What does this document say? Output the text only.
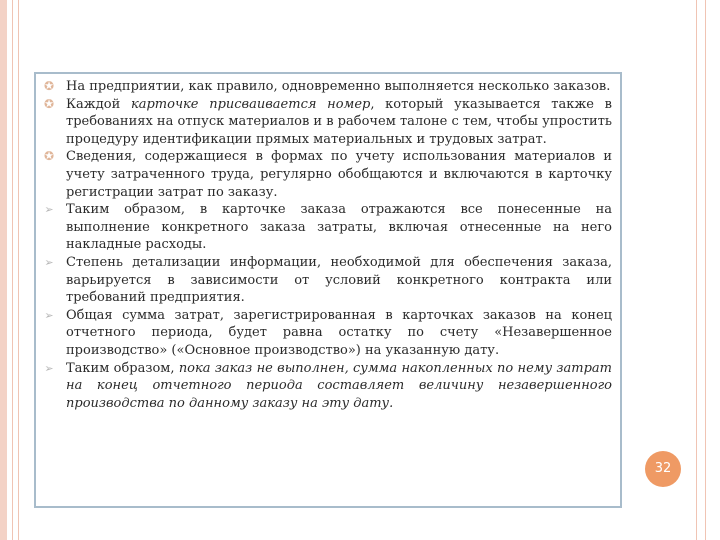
✪ На предприятии, как правило, одновременно выполняется несколько заказов.
✪ Каждой карточке присваивается номер, который указывается также в требованиях на отпуск материалов и в рабочем талоне с тем, чтобы упростить процедуру идентификации прямых материальных и трудовых затрат.
✪ Сведения, содержащиеся в формах по учету использования материалов и учету затраченного труда, регулярно обобщаются и включаются в карточку регистрации затрат по заказу.
➢ Таким образом, в карточке заказа отражаются все понесенные на выполнение конкретного заказа затраты, включая отнесенные на него накладные расходы.
➢ Степень детализации информации, необходимой для обеспечения заказа, варьируется в зависимости от условий конкретного контракта или требований предприятия.
➢ Общая сумма затрат, зарегистрированная в карточках заказов на конец отчетного периода, будет равна остатку по счету «Незавершенное производство» («Основное производство») на указанную дату.
➢ Таким образом, пока заказ не выполнен, сумма накопленных по нему затрат на конец отчетного периода составляет величину незавершенного производства по данному заказу на эту дату.
32
